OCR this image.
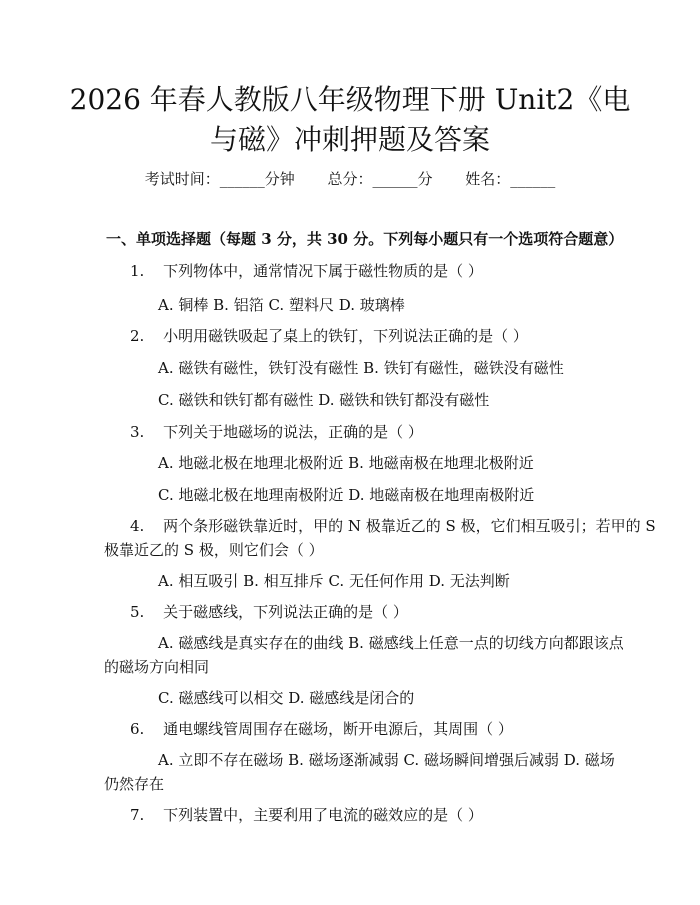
2026 年春人教版八年级物理下册 Unit2《电
与磁》冲刺押题及答案
考试时间：______分钟 总分：______分 姓名：______
一、单项选择题（每题 3 分，共 30 分。下列每小题只有一个选项符合题意）
1. 下列物体中，通常情况下属于磁性物质的是（ ）
A. 铜棒 B. 铝箔 C. 塑料尺 D. 玻璃棒
2. 小明用磁铁吸起了桌上的铁钉，下列说法正确的是（ ）
A. 磁铁有磁性，铁钉没有磁性 B. 铁钉有磁性，磁铁没有磁性
C. 磁铁和铁钉都有磁性 D. 磁铁和铁钉都没有磁性
3. 下列关于地磁场的说法，正确的是（ ）
A. 地磁北极在地理北极附近 B. 地磁南极在地理北极附近
C. 地磁北极在地理南极附近 D. 地磁南极在地理南极附近
4. 两个条形磁铁靠近时，甲的 N 极靠近乙的 S 极，它们相互吸引；若甲的 S
极靠近乙的 S 极，则它们会（ ）
A. 相互吸引 B. 相互排斥 C. 无任何作用 D. 无法判断
5. 关于磁感线，下列说法正确的是（ ）
A. 磁感线是真实存在的曲线 B. 磁感线上任意一点的切线方向都跟该点
的磁场方向相同
C. 磁感线可以相交 D. 磁感线是闭合的
6. 通电螺线管周围存在磁场，断开电源后，其周围（ ）
A. 立即不存在磁场 B. 磁场逐渐减弱 C. 磁场瞬间增强后减弱 D. 磁场
仍然存在
7. 下列装置中，主要利用了电流的磁效应的是（ ）
